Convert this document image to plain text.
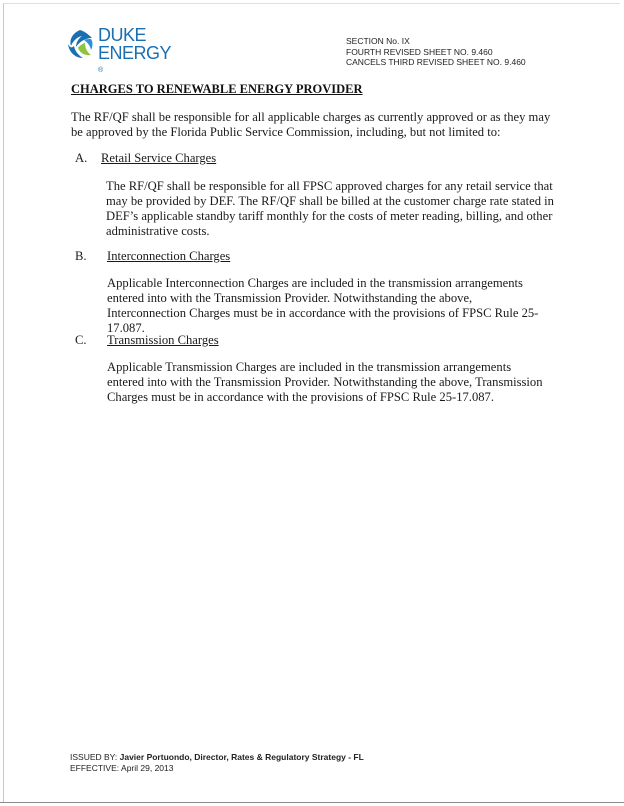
DUKE
ENERGY
®
SECTION No. IX
FOURTH REVISED SHEET NO. 9.460
CANCELS THIRD REVISED SHEET NO. 9.460
CHARGES TO RENEWABLE ENERGY PROVIDER
The RF/QF shall be responsible for all applicable charges as currently approved or as they may be approved by the Florida Public Service Commission, including, but not limited to:
A. Retail Service Charges
The RF/QF shall be responsible for all FPSC approved charges for any retail service that may be provided by DEF. The RF/QF shall be billed at the customer charge rate stated in DEF’s applicable standby tariff monthly for the costs of meter reading, billing, and other administrative costs.
B. Interconnection Charges
Applicable Interconnection Charges are included in the transmission arrangements entered into with the Transmission Provider. Notwithstanding the above, Interconnection Charges must be in accordance with the provisions of FPSC Rule 25-17.087.
C. Transmission Charges
Applicable Transmission Charges are included in the transmission arrangements entered into with the Transmission Provider. Notwithstanding the above, Transmission Charges must be in accordance with the provisions of FPSC Rule 25-17.087.
ISSUED BY: Javier Portuondo, Director, Rates & Regulatory Strategy - FL
EFFECTIVE: April 29, 2013
